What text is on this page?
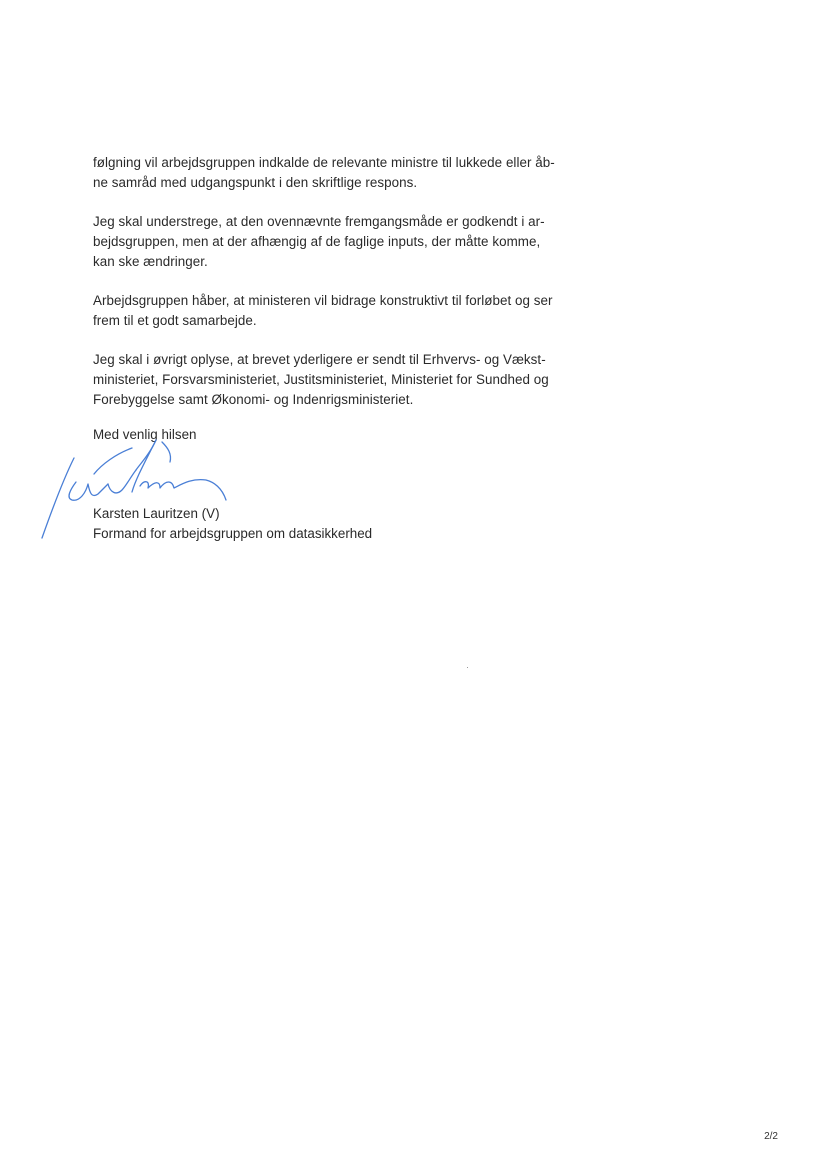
følgning vil arbejdsgruppen indkalde de relevante ministre til lukkede eller åb-
ne samråd med udgangspunkt i den skriftlige respons.

Jeg skal understrege, at den ovennævnte fremgangsmåde er godkendt i ar-
bejdsgruppen, men at der afhængig af de faglige inputs, der måtte komme,
kan ske ændringer.

Arbejdsgruppen håber, at ministeren vil bidrage konstruktivt til forløbet og ser
frem til et godt samarbejde.

Jeg skal i øvrigt oplyse, at brevet yderligere er sendt til Erhvervs- og Vækst-
ministeriet, Forsvarsministeriet, Justitsministeriet, Ministeriet for Sundhed og
Forebyggelse samt Økonomi- og Indenrigsministeriet.

Med venlig hilsen
Karsten Lauritzen (V)
Formand for arbejdsgruppen om datasikkerhed
2/2
